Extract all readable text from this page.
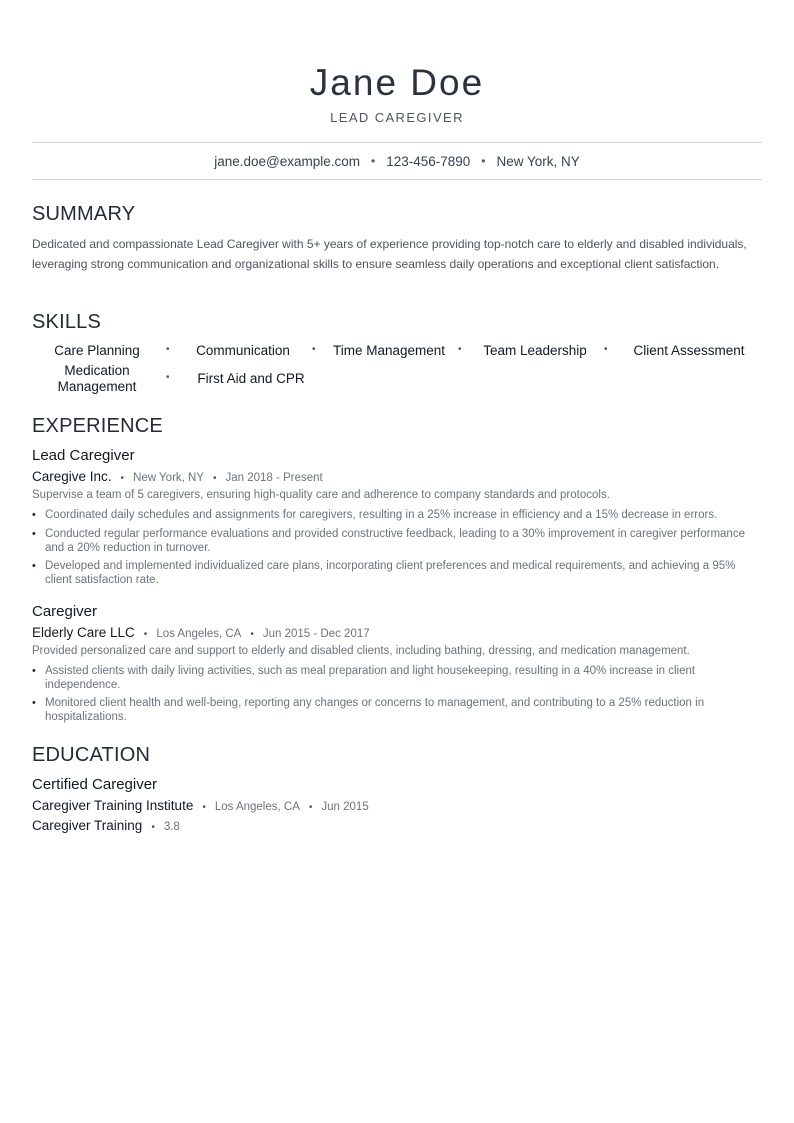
Jane Doe
LEAD CAREGIVER
jane.doe@example.com • 123-456-7890 • New York, NY
SUMMARY
Dedicated and compassionate Lead Caregiver with 5+ years of experience providing top-notch care to elderly and disabled individuals, leveraging strong communication and organizational skills to ensure seamless daily operations and exceptional client satisfaction.
SKILLS
Care Planning	•	Communication	•	Time Management	•	Team Leadership	•	Client Assessment
Medication Management
•	First Aid and CPR
EXPERIENCE
Lead Caregiver
Caregive Inc. • New York, NY • Jan 2018 - Present
Supervise a team of 5 caregivers, ensuring high-quality care and adherence to company standards and protocols.
• Coordinated daily schedules and assignments for caregivers, resulting in a 25% increase in efficiency and a 15% decrease in errors.
• Conducted regular performance evaluations and provided constructive feedback, leading to a 30% improvement in caregiver performance and a 20% reduction in turnover.
• Developed and implemented individualized care plans, incorporating client preferences and medical requirements, and achieving a 95% client satisfaction rate.
Caregiver
Elderly Care LLC • Los Angeles, CA • Jun 2015 - Dec 2017
Provided personalized care and support to elderly and disabled clients, including bathing, dressing, and medication management.
• Assisted clients with daily living activities, such as meal preparation and light housekeeping, resulting in a 40% increase in client independence.
• Monitored client health and well-being, reporting any changes or concerns to management, and contributing to a 25% reduction in hospitalizations.
EDUCATION
Certified Caregiver
Caregiver Training Institute • Los Angeles, CA • Jun 2015
Caregiver Training • 3.8
